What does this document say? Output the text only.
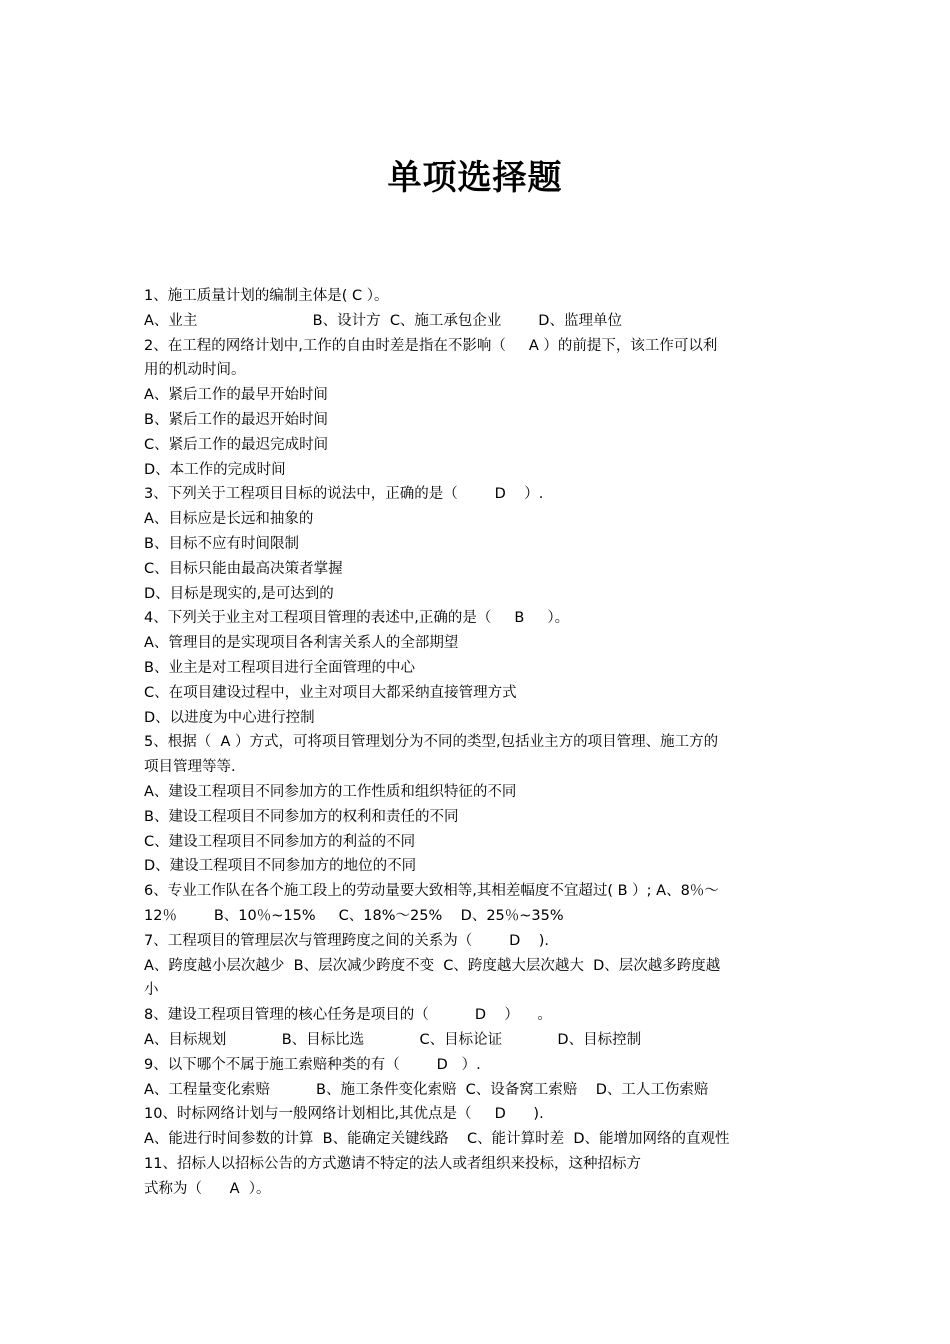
单项选择题
1、施工质量计划的编制主体是( C ）。
A、业主                         B、设计方  C、施工承包企业        D、监理单位
2、在工程的网络计划中,工作的自由时差是指在不影响（     A ）的前提下，该工作可以利
用的机动时间。
A、紧后工作的最早开始时间
B、紧后工作的最迟开始时间
C、紧后工作的最迟完成时间
D、本工作的完成时间
3、下列关于工程项目目标的说法中，正确的是（        D    ）.
A、目标应是长远和抽象的
B、目标不应有时间限制
C、目标只能由最高决策者掌握
D、目标是现实的,是可达到的
4、下列关于业主对工程项目管理的表述中,正确的是（     B     ）。
A、管理目的是实现项目各利害关系人的全部期望
B、业主是对工程项目进行全面管理的中心
C、在项目建设过程中，业主对项目大都采纳直接管理方式
D、以进度为中心进行控制
5、根据（  A ）方式，可将项目管理划分为不同的类型,包括业主方的项目管理、施工方的
项目管理等等.
A、建设工程项目不同参加方的工作性质和组织特征的不同
B、建设工程项目不同参加方的权利和责任的不同
C、建设工程项目不同参加方的利益的不同
D、建设工程项目不同参加方的地位的不同
6、专业工作队在各个施工段上的劳动量要大致相等,其相差幅度不宜超过( B ）; A、8％～
12％        B、10％~15%     C、18%～25%    D、25％~35%
7、工程项目的管理层次与管理跨度之间的关系为（        D    ).
A、跨度越小层次越少  B、层次减少跨度不变  C、跨度越大层次越大  D、层次越多跨度越
小
8、建设工程项目管理的核心任务是项目的（          D    ）    。
A、目标规划            B、目标比选            C、目标论证            D、目标控制
9、以下哪个不属于施工索赔种类的有（        D   ）.
A、工程量变化索赔          B、施工条件变化索赔  C、设备窝工索赔    D、工人工伤索赔
10、时标网络计划与一般网络计划相比,其优点是（     D      ).
A、能进行时间参数的计算  B、能确定关键线路    C、能计算时差  D、能增加网络的直观性
11、招标人以招标公告的方式邀请不特定的法人或者组织来投标，这种招标方
式称为（      A  ）。
